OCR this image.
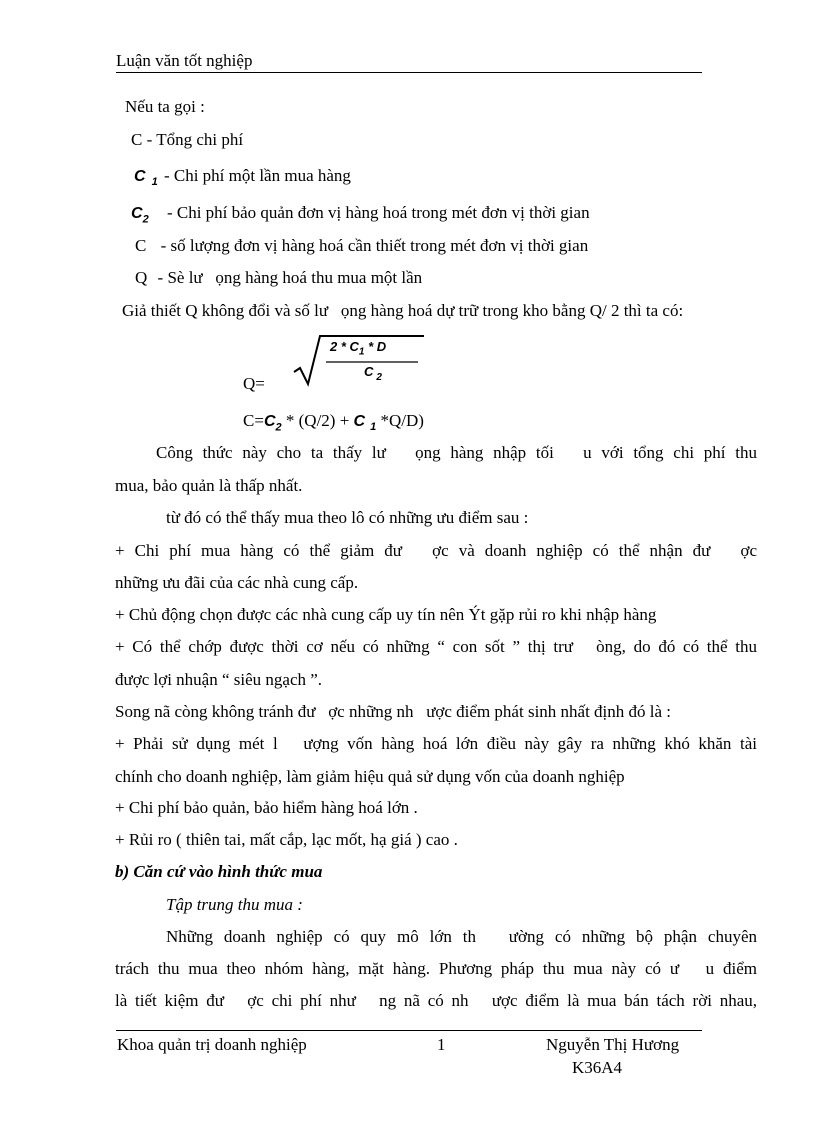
Luận văn tốt nghiệp
Nếu ta gọi :
C - Tổng chi phí
C $_1$ - Chi phí một lần mua hàng
$C_2$ - Chi phí bảo quản đơn vị hàng hoá trong mét đơn vị thời gian
C - số lượng đơn vị hàng hoá cần thiết trong mét đơn vị thời gian
Q - Sè lư   ọng hàng hoá thu mua một lần
Giả thiết Q không đổi và số lư   ọng hàng hoá dự trữ trong kho bằng Q/ 2 thì ta có:
Q=
$2 * C_1$ * D
C $_2$
$C=C_2 * (Q/2) + C$ $_1$ *Q/D)
Công thức này cho ta thấy lư   ọng hàng nhập tối   u với tổng chi phí thu
mua, bảo quản là thấp nhất.
từ đó có thể thấy mua theo lô có những ưu điểm sau :
+ Chi phí mua hàng có thể giảm đư   ợc và doanh nghiệp có thể nhận đư   ợc
những ưu đãi của các nhà cung cấp.
+ Chủ động chọn được các nhà cung cấp uy tín nên Ýt gặp rủi ro khi nhập hàng
+ Có thể chớp được thời cơ nếu có những “ con sốt ” thị trư   òng, do đó có thể thu
được lợi nhuận “ siêu ngạch ”.
Song nã còng không tránh đư   ợc những nh   ược điểm phát sinh nhất định đó là :
+ Phải sử dụng mét l   ượng vốn hàng hoá lớn điều này gây ra những khó khăn tài
chính cho doanh nghiệp, làm giảm hiệu quả sử dụng vốn của doanh nghiệp
+ Chi phí bảo quản, bảo hiểm hàng hoá lớn .
+ Rủi ro ( thiên tai, mất cắp, lạc mốt, hạ giá ) cao .
b) Căn cứ vào hình thức mua
Tập trung thu mua :
Những doanh nghiệp có quy mô lớn th   ường có những bộ phận chuyên
trách thu mua theo nhóm hàng, mặt hàng. Phương pháp thu mua này có ư   u điểm
là tiết kiệm đư   ợc chi phí như   ng nã có nh   ược điểm là mua bán tách rời nhau,
Khoa quản trị doanh nghiệp	1	Nguyễn Thị Hương
K36A4
